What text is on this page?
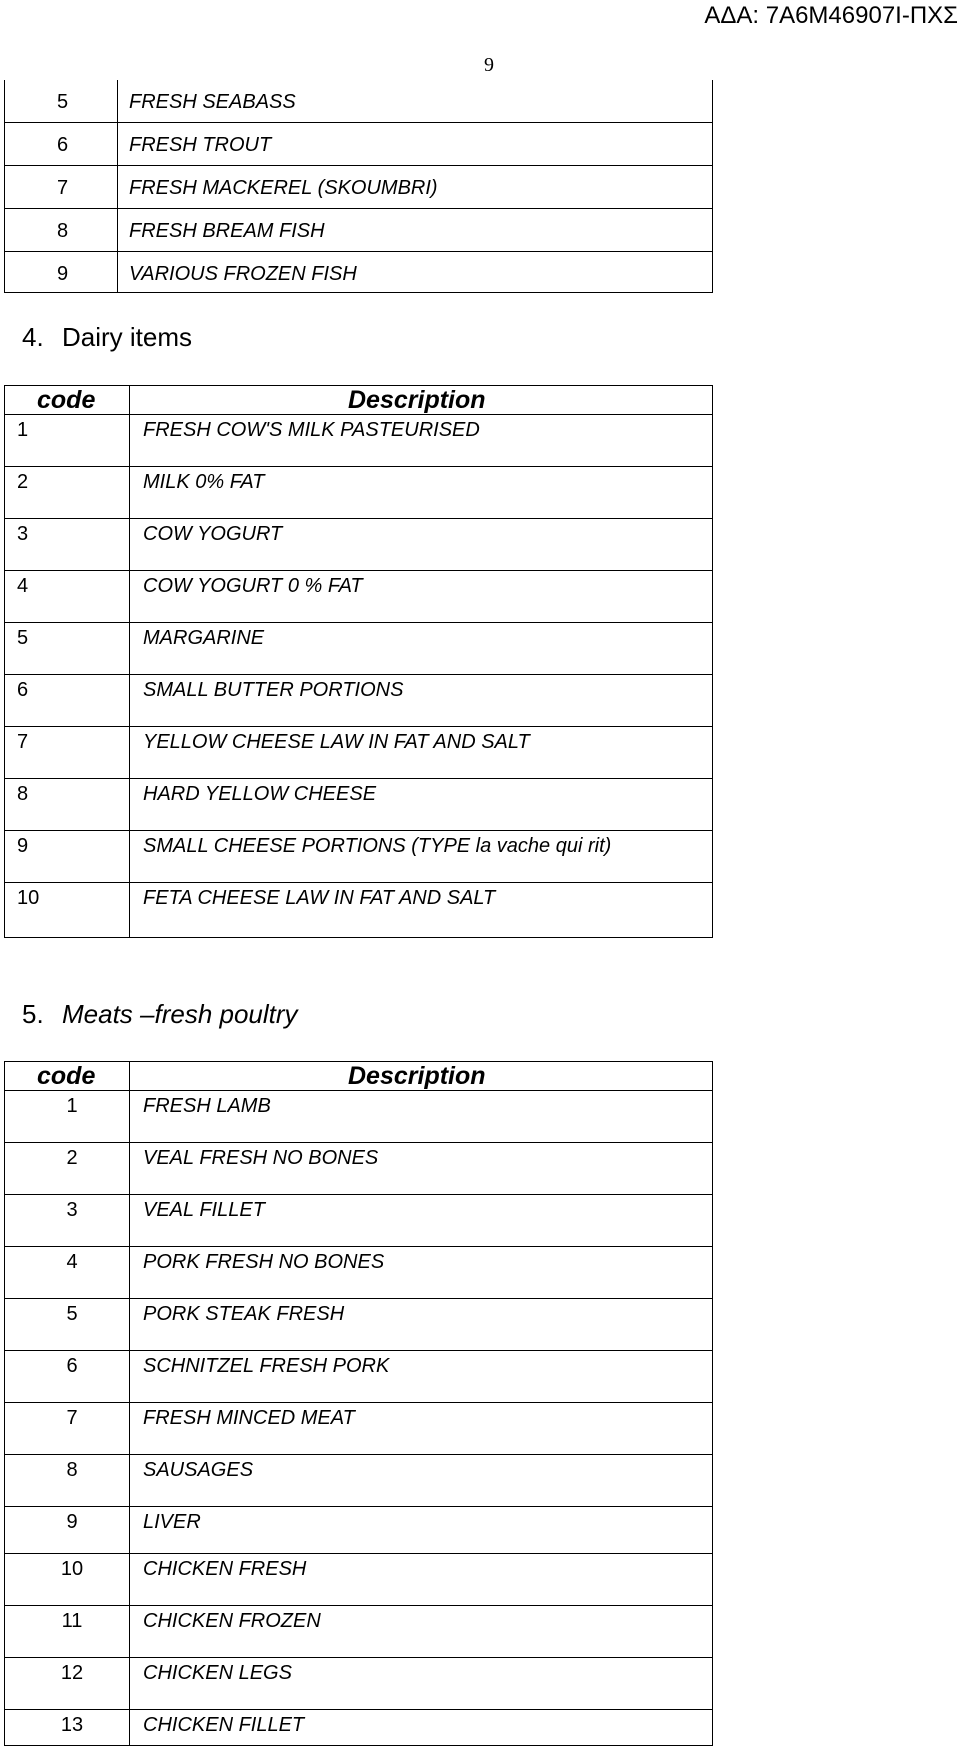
ΑΔΑ: 7Α6Μ46907Ι-ΠΧΣ
9
5	FRESH SEABASS
6	FRESH TROUT
7	FRESH MACKEREL (SKOUMBRI)
8	FRESH BREAM FISH
9	VARIOUS FROZEN FISH
4. Dairy items
code	Description
1	FRESH COW'S MILK PASTEURISED
2	MILK 0% FAT
3	COW YOGURT
4	COW YOGURT 0 % FAT
5	MARGARINE
6	SMALL BUTTER PORTIONS
7	YELLOW CHEESE LAW IN FAT AND SALT
8	HARD YELLOW CHEESE
9	SMALL CHEESE PORTIONS (TYPE la vache qui rit)
10	FETA CHEESE LAW IN FAT AND SALT
5. Meats –fresh poultry
code	Description
1	FRESH LAMB
2	VEAL FRESH NO BONES
3	VEAL FILLET
4	PORK FRESH NO BONES
5	PORK STEAK FRESH
6	SCHNITZEL FRESH PORK
7	FRESH MINCED MEAT
8	SAUSAGES
9	LIVER
10	CHICKEN FRESH
11	CHICKEN FROZEN
12	CHICKEN LEGS
13	CHICKEN FILLET
